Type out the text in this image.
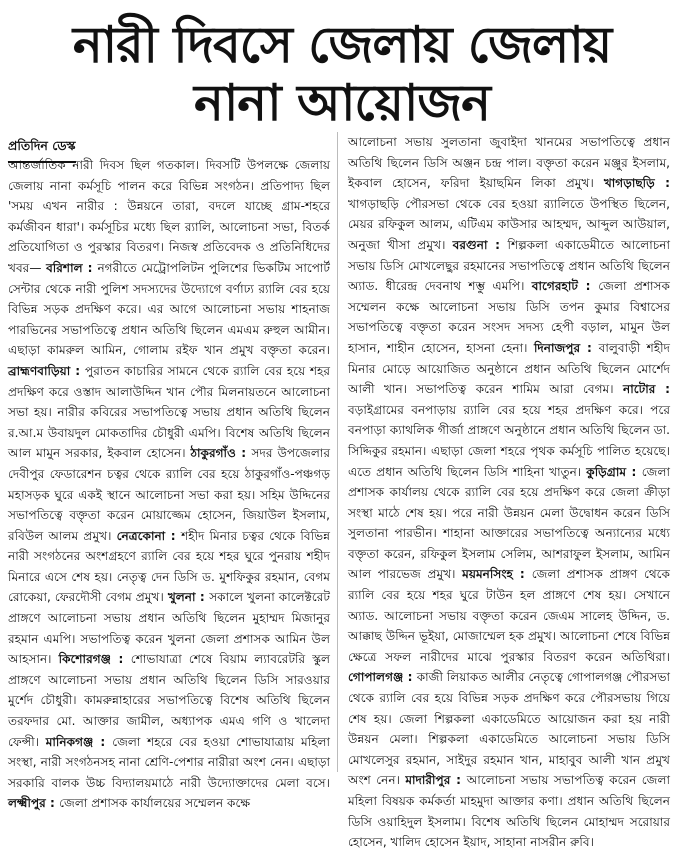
নারী দিবসে জেলায় জেলায়
নানা আয়োজন
প্রতিদিন ডেস্ক
আন্তর্জাতিক নারী দিবস ছিল গতকাল। দিবসটি উপলক্ষে জেলায় জেলায় নানা কর্মসূচি পালন করে বিভিন্ন সংগঠন। প্রতিপাদ্য ছিল 'সময় এখন নারীর : উন্নয়নে তারা, বদলে যাচ্ছে গ্রাম-শহরে কর্মজীবন ধারা'। কর্মসূচির মধ্যে ছিল র‌্যালি, আলোচনা সভা, বিতর্ক প্রতিযোগিতা ও পুরস্কার বিতরণ। নিজস্ব প্রতিবেদক ও প্রতিনিধিদের খবর— বরিশাল : নগরীতে মেট্রোপলিটন পুলিশের ভিকটিম সাপোর্ট সেন্টার থেকে নারী পুলিশ সদস্যদের উদ্যোগে বর্ণাঢ্য র‌্যালি বের হয়ে বিভিন্ন সড়ক প্রদক্ষিণ করে। এর আগে আলোচনা সভায় শাহনাজ পারভিনের সভাপতিত্বে প্রধান অতিথি ছিলেন এমএম রুহুল আমীন। এছাড়া কামরুল আমিন, গোলাম রইফ খান প্রমুখ বক্তৃতা করেন। ব্রাহ্মণবাড়িয়া : পুরাতন কাচারির সামনে থেকে র‌্যালি বের হয়ে শহর প্রদক্ষিণ করে ওস্তাদ আলাউদ্দিন খান পৌর মিলনায়তনে আলোচনা সভা হয়। নারীর কবিরের সভাপতিত্বে সভায় প্রধান অতিথি ছিলেন র.আ.ম উবায়দুল মোকতাদির চৌধুরী এমপি। বিশেষ অতিথি ছিলেন আল মামুন সরকার, ইকবাল হোসেন। ঠাকুরগাঁও : সদর উপজেলার দেবীপুর ফেডারেশন চত্বর থেকে র‌্যালি বের হয়ে ঠাকুরগাঁও-পঞ্চগড় মহাসড়ক ঘুরে একই স্থানে আলোচনা সভা করা হয়। সহিম উদ্দিনের সভাপতিত্বে বক্তৃতা করেন মোয়াজ্জেম হোসেন, জিয়াউল ইসলাম, রবিউল আলম প্রমুখ। নেত্রকোনা : শহীদ মিনার চত্বর থেকে বিভিন্ন নারী সংগঠনের অংশগ্রহণে র‌্যালি বের হয়ে শহর ঘুরে পুনরায় শহীদ মিনারে এসে শেষ হয়। নেতৃত্ব দেন ডিসি ড. মুশফিকুর রহমান, বেগম রোকেয়া, ফেরদৌসী বেগম প্রমুখ। খুলনা : সকালে খুলনা কালেক্টরেট প্রাঙ্গণে আলোচনা সভায় প্রধান অতিথি ছিলেন মুহাম্মদ মিজানুর রহমান এমপি। সভাপতিত্ব করেন খুলনা জেলা প্রশাসক আমিন উল আহসান। কিশোরগঞ্জ : শোভাযাত্রা শেষে বিয়াম ল্যাবরেটরি স্কুল প্রাঙ্গণে আলোচনা সভায় প্রধান অতিথি ছিলেন ডিসি সারওয়ার মুর্শেদ চৌধুরী। কামরুন্নাহারের সভাপতিত্বে বিশেষ অতিথি ছিলেন তরফদার মো. আক্তার জামীল, অধ্যাপক এমএ গণি ও খালেদা ফেন্সী। মানিকগঞ্জ : জেলা শহরে বের হওয়া শোভাযাত্রায় মহিলা সংস্থা, নারী সংগঠনসহ নানা শ্রেণি-পেশার নারীরা অংশ নেন। এছাড়া সরকারি বালক উচ্চ বিদ্যালয়মাঠে নারী উদ্যোক্তাদের মেলা বসে। লক্ষ্মীপুর : জেলা প্রশাসক কার্যালয়ের সম্মেলন কক্ষে
আলোচনা সভায় সুলতানা জুবাইদা খানমের সভাপতিত্বে প্রধান অতিথি ছিলেন ডিসি অঞ্জন চন্দ্র পাল। বক্তৃতা করেন মঞ্জুর ইসলাম, ইকবাল হোসেন, ফরিদা ইয়াছমিন লিকা প্রমুখ। খাগড়াছড়ি : খাগড়াছড়ি পৌরসভা থেকে বের হওয়া র‌্যালিতে উপস্থিত ছিলেন, মেয়র রফিকুল আলম, এটিএম কাউসার আহম্মদ, আব্দুল আউয়াল, অনুজা খীসা প্রমুখ। বরগুনা : শিল্পকলা একাডেমীতে আলোচনা সভায় ডিসি মোখলেছুর রহমানের সভাপতিত্বে প্রধান অতিথি ছিলেন অ্যাড. ধীরেন্দ্র দেবনাথ শম্ভু এমপি। বাগেরহাট : জেলা প্রশাসক সম্মেলন কক্ষে আলোচনা সভায় ডিসি তপন কুমার বিশ্বাসের সভাপতিত্বে বক্তৃতা করেন সংসদ সদস্য হেপী বড়াল, মামুন উল হাসান, শাহীন হোসেন, হাসনা হেনা। দিনাজপুর : বালুবাড়ী শহীদ মিনার মোড়ে আয়োজিত অনুষ্ঠানে প্রধান অতিথি ছিলেন মোর্শেদ আলী খান। সভাপতিত্ব করেন শামিম আরা বেগম। নাটোর : বড়াইগ্রামের বনপাড়ায় র‌্যালি বের হয়ে শহর প্রদক্ষিণ করে। পরে বনপাড়া ক্যাথলিক গীর্জা প্রাঙ্গণে অনুষ্ঠানে প্রধান অতিথি ছিলেন ডা. সিদ্দিকুর রহমান। এছাড়া জেলা শহরে পৃথক কর্মসূচি পালিত হয়েছে। এতে প্রধান অতিথি ছিলেন ডিসি শাহিনা খাতুন। কুড়িগ্রাম : জেলা প্রশাসক কার্যালয় থেকে র‌্যালি বের হয়ে প্রদক্ষিণ করে জেলা ক্রীড়া সংস্থা মাঠে শেষ হয়। পরে নারী উন্নয়ন মেলা উদ্বোধন করেন ডিসি সুলতানা পারভীন। শাহানা আক্তারের সভাপতিত্বে অন্যান্যের মধ্যে বক্তৃতা করেন, রফিকুল ইসলাম সেলিম, আশরাফুল ইসলাম, আমিন আল পারভেজ প্রমুখ। ময়মনসিংহ : জেলা প্রশাসক প্রাঙ্গণ থেকে র‌্যালি বের হয়ে শহর ঘুরে টাউন হল প্রাঙ্গণে শেষ হয়। সেখানে অ্যাড. আলোচনা সভায় বক্তৃতা করেন জেএম সালেহ উদ্দিন, ড. আক্কাছ উদ্দিন ভূইয়া, মোজাম্মেল হক প্রমুখ। আলোচনা শেষে বিভিন্ন ক্ষেত্রে সফল নারীদের মাঝে পুরস্কার বিতরণ করেন অতিথিরা। গোপালগঞ্জ : কাজী লিয়াকত আলীর নেতৃত্বে গোপালগঞ্জ পৌরসভা থেকে র‌্যালি বের হয়ে বিভিন্ন সড়ক প্রদক্ষিণ করে পৌরসভায় গিয়ে শেষ হয়। জেলা শিল্পকলা একাডেমিতে আয়োজন করা হয় নারী উন্নয়ন মেলা। শিল্পকলা একাডেমিতে আলোচনা সভায় ডিসি মোখলেসুর রহমান, সাইদুর রহমান খান, মাহাবুব আলী খান প্রমুখ অংশ নেন। মাদারীপুর : আলোচনা সভায় সভাপতিত্ব করেন জেলা মহিলা বিষয়ক কর্মকর্তা মাহমুদা আক্তার কণা। প্রধান অতিথি ছিলেন ডিসি ওয়াহিদুল ইসলাম। বিশেষ অতিথি ছিলেন মোহাম্মদ সরোয়ার হোসেন, খালিদ হোসেন ইয়াদ, সাহানা নাসরীন রুবি।
